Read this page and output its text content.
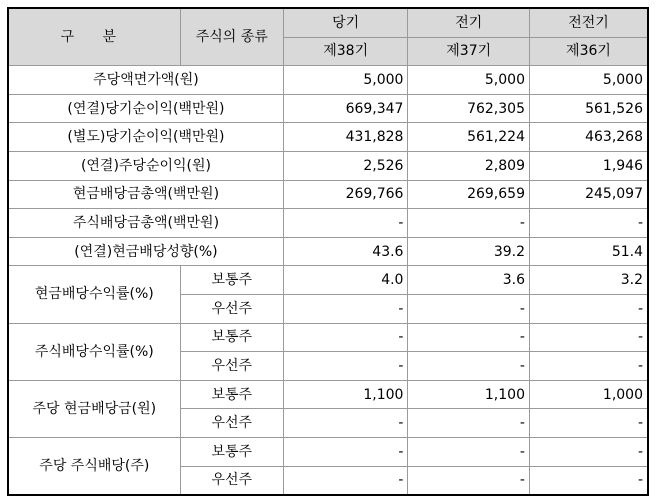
구 분	주식의 종류	당기	전기	전전기
		제38기	제37기	제36기
주당액면가액(원)		5,000	5,000	5,000
(연결)당기순이익(백만원)		669,347	762,305	561,526
(별도)당기순이익(백만원)		431,828	561,224	463,268
(연결)주당순이익(원)		2,526	2,809	1,946
현금배당금총액(백만원)		269,766	269,659	245,097
주식배당금총액(백만원)		-	-	-
(연결)현금배당성향(%)		43.6	39.2	51.4
현금배당수익률(%)	보통주	4.0	3.6	3.2
	우선주	-	-	-
주식배당수익률(%)	보통주	-	-	-
	우선주	-	-	-
주당 현금배당금(원)	보통주	1,100	1,100	1,000
	우선주	-	-	-
주당 주식배당(주)	보통주	-	-	-
	우선주	-	-	-
